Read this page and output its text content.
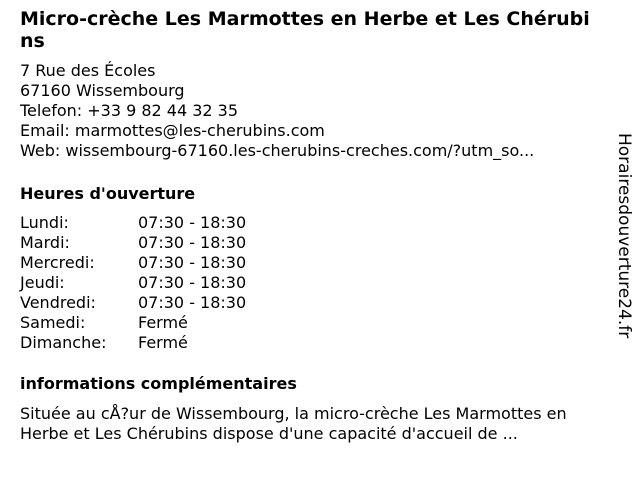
Micro-crèche Les Marmottes en Herbe et Les Chérubins
7 Rue des Écoles
67160 Wissembourg
Telefon: +33 9 82 44 32 35
Email: marmottes@les-cherubins.com
Web: wissembourg-67160.les-cherubins-creches.com/?utm_so...
Heures d'ouverture
Lundi:	07:30 - 18:30
Mardi:	07:30 - 18:30
Mercredi:	07:30 - 18:30
Jeudi:	07:30 - 18:30
Vendredi:	07:30 - 18:30
Samedi:	Fermé
Dimanche:	Fermé
informations complémentaires

Située au cÅ?ur de Wissembourg, la micro-crèche Les Marmottes en Herbe et Les Chérubins dispose d'une capacité d'accueil de ...

Horairesdouverture24.fr
